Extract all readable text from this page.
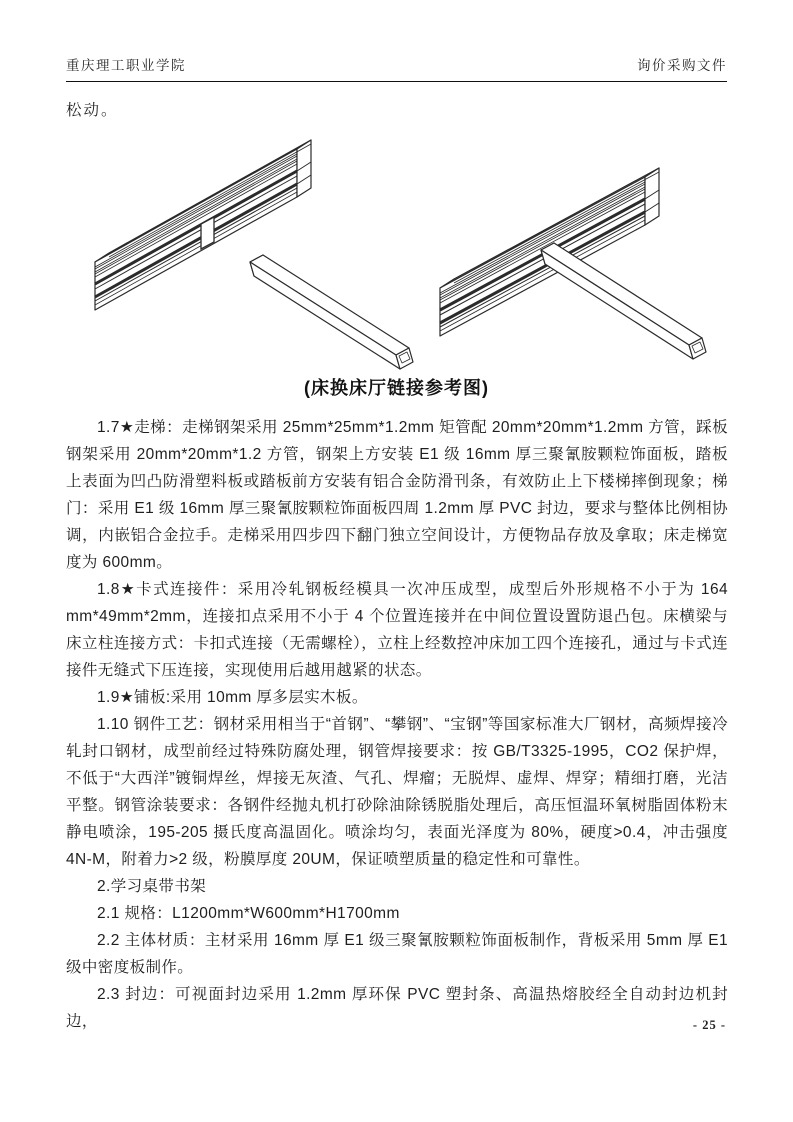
重庆理工职业学院	询价采购文件
松动。
(床换床厅链接参考图)

1.7★走梯：走梯钢架采用 25mm*25mm*1.2mm 矩管配 20mm*20mm*1.2mm 方管，踩板钢架采用 20mm*20mm*1.2 方管，钢架上方安装 E1 级 16mm 厚三聚氰胺颗粒饰面板，踏板上表面为凹凸防滑塑料板或踏板前方安装有铝合金防滑刊条，有效防止上下楼梯摔倒现象；梯门：采用 E1 级 16mm 厚三聚氰胺颗粒饰面板四周 1.2mm 厚 PVC 封边，要求与整体比例相协调，内嵌铝合金拉手。走梯采用四步四下翻门独立空间设计，方便物品存放及拿取；床走梯宽度为 600mm。

1.8★卡式连接件：采用冷轧钢板经模具一次冲压成型，成型后外形规格不小于为 164 mm*49mm*2mm，连接扣点采用不小于 4 个位置连接并在中间位置设置防退凸包。床横梁与床立柱连接方式：卡扣式连接（无需螺栓），立柱上经数控冲床加工四个连接孔，通过与卡式连接件无缝式下压连接，实现使用后越用越紧的状态。

1.9★铺板:采用 10mm 厚多层实木板。

1.10 钢件工艺：钢材采用相当于“首钢”、“攀钢”、“宝钢”等国家标准大厂钢材，高频焊接冷轧封口钢材，成型前经过特殊防腐处理，钢管焊接要求：按 GB/T3325-1995，CO2 保护焊，不低于“大西洋”镀铜焊丝，焊接无灰渣、气孔、焊瘤；无脱焊、虚焊、焊穿；精细打磨，光洁平整。钢管涂装要求：各钢件经抛丸机打砂除油除锈脱脂处理后，高压恒温环氧树脂固体粉末静电喷涂，195-205 摄氏度高温固化。喷涂均匀，表面光泽度为 80%，硬度>0.4，冲击强度 4N-M，附着力>2 级，粉膜厚度 20UM，保证喷塑质量的稳定性和可靠性。

2.学习桌带书架

2.1 规格：L1200mm*W600mm*H1700mm

2.2 主体材质：主材采用 16mm 厚 E1 级三聚氰胺颗粒饰面板制作，背板采用 5mm 厚 E1 级中密度板制作。

2.3 封边：可视面封边采用 1.2mm 厚环保 PVC 塑封条、高温热熔胶经全自动封边机封边，	- 25 -
